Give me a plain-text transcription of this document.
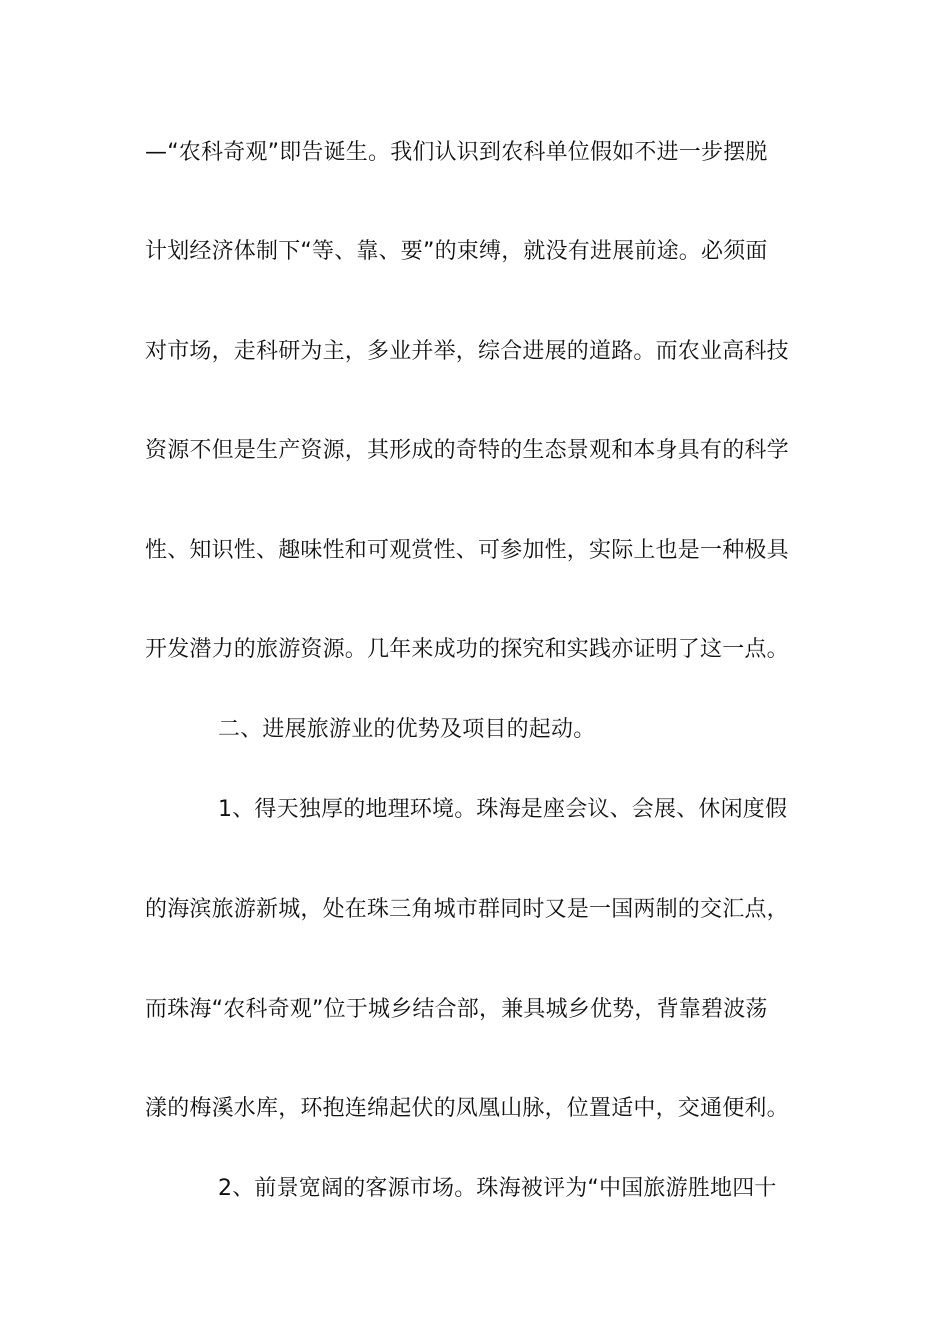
—“农科奇观”即告诞生。我们认识到农科单位假如不进一步摆脱
计划经济体制下“等、靠、要”的束缚，就没有进展前途。必须面
对市场，走科研为主，多业并举，综合进展的道路。而农业高科技
资源不但是生产资源，其形成的奇特的生态景观和本身具有的科学
性、知识性、趣味性和可观赏性、可参加性，实际上也是一种极具
开发潜力的旅游资源。几年来成功的探究和实践亦证明了这一点。
二、进展旅游业的优势及项目的起动。
1、得天独厚的地理环境。珠海是座会议、会展、休闲度假
的海滨旅游新城，处在珠三角城市群同时又是一国两制的交汇点，
而珠海“农科奇观”位于城乡结合部，兼具城乡优势，背靠碧波荡
漾的梅溪水库，环抱连绵起伏的凤凰山脉，位置适中，交通便利。
2、前景宽阔的客源市场。珠海被评为“中国旅游胜地四十
